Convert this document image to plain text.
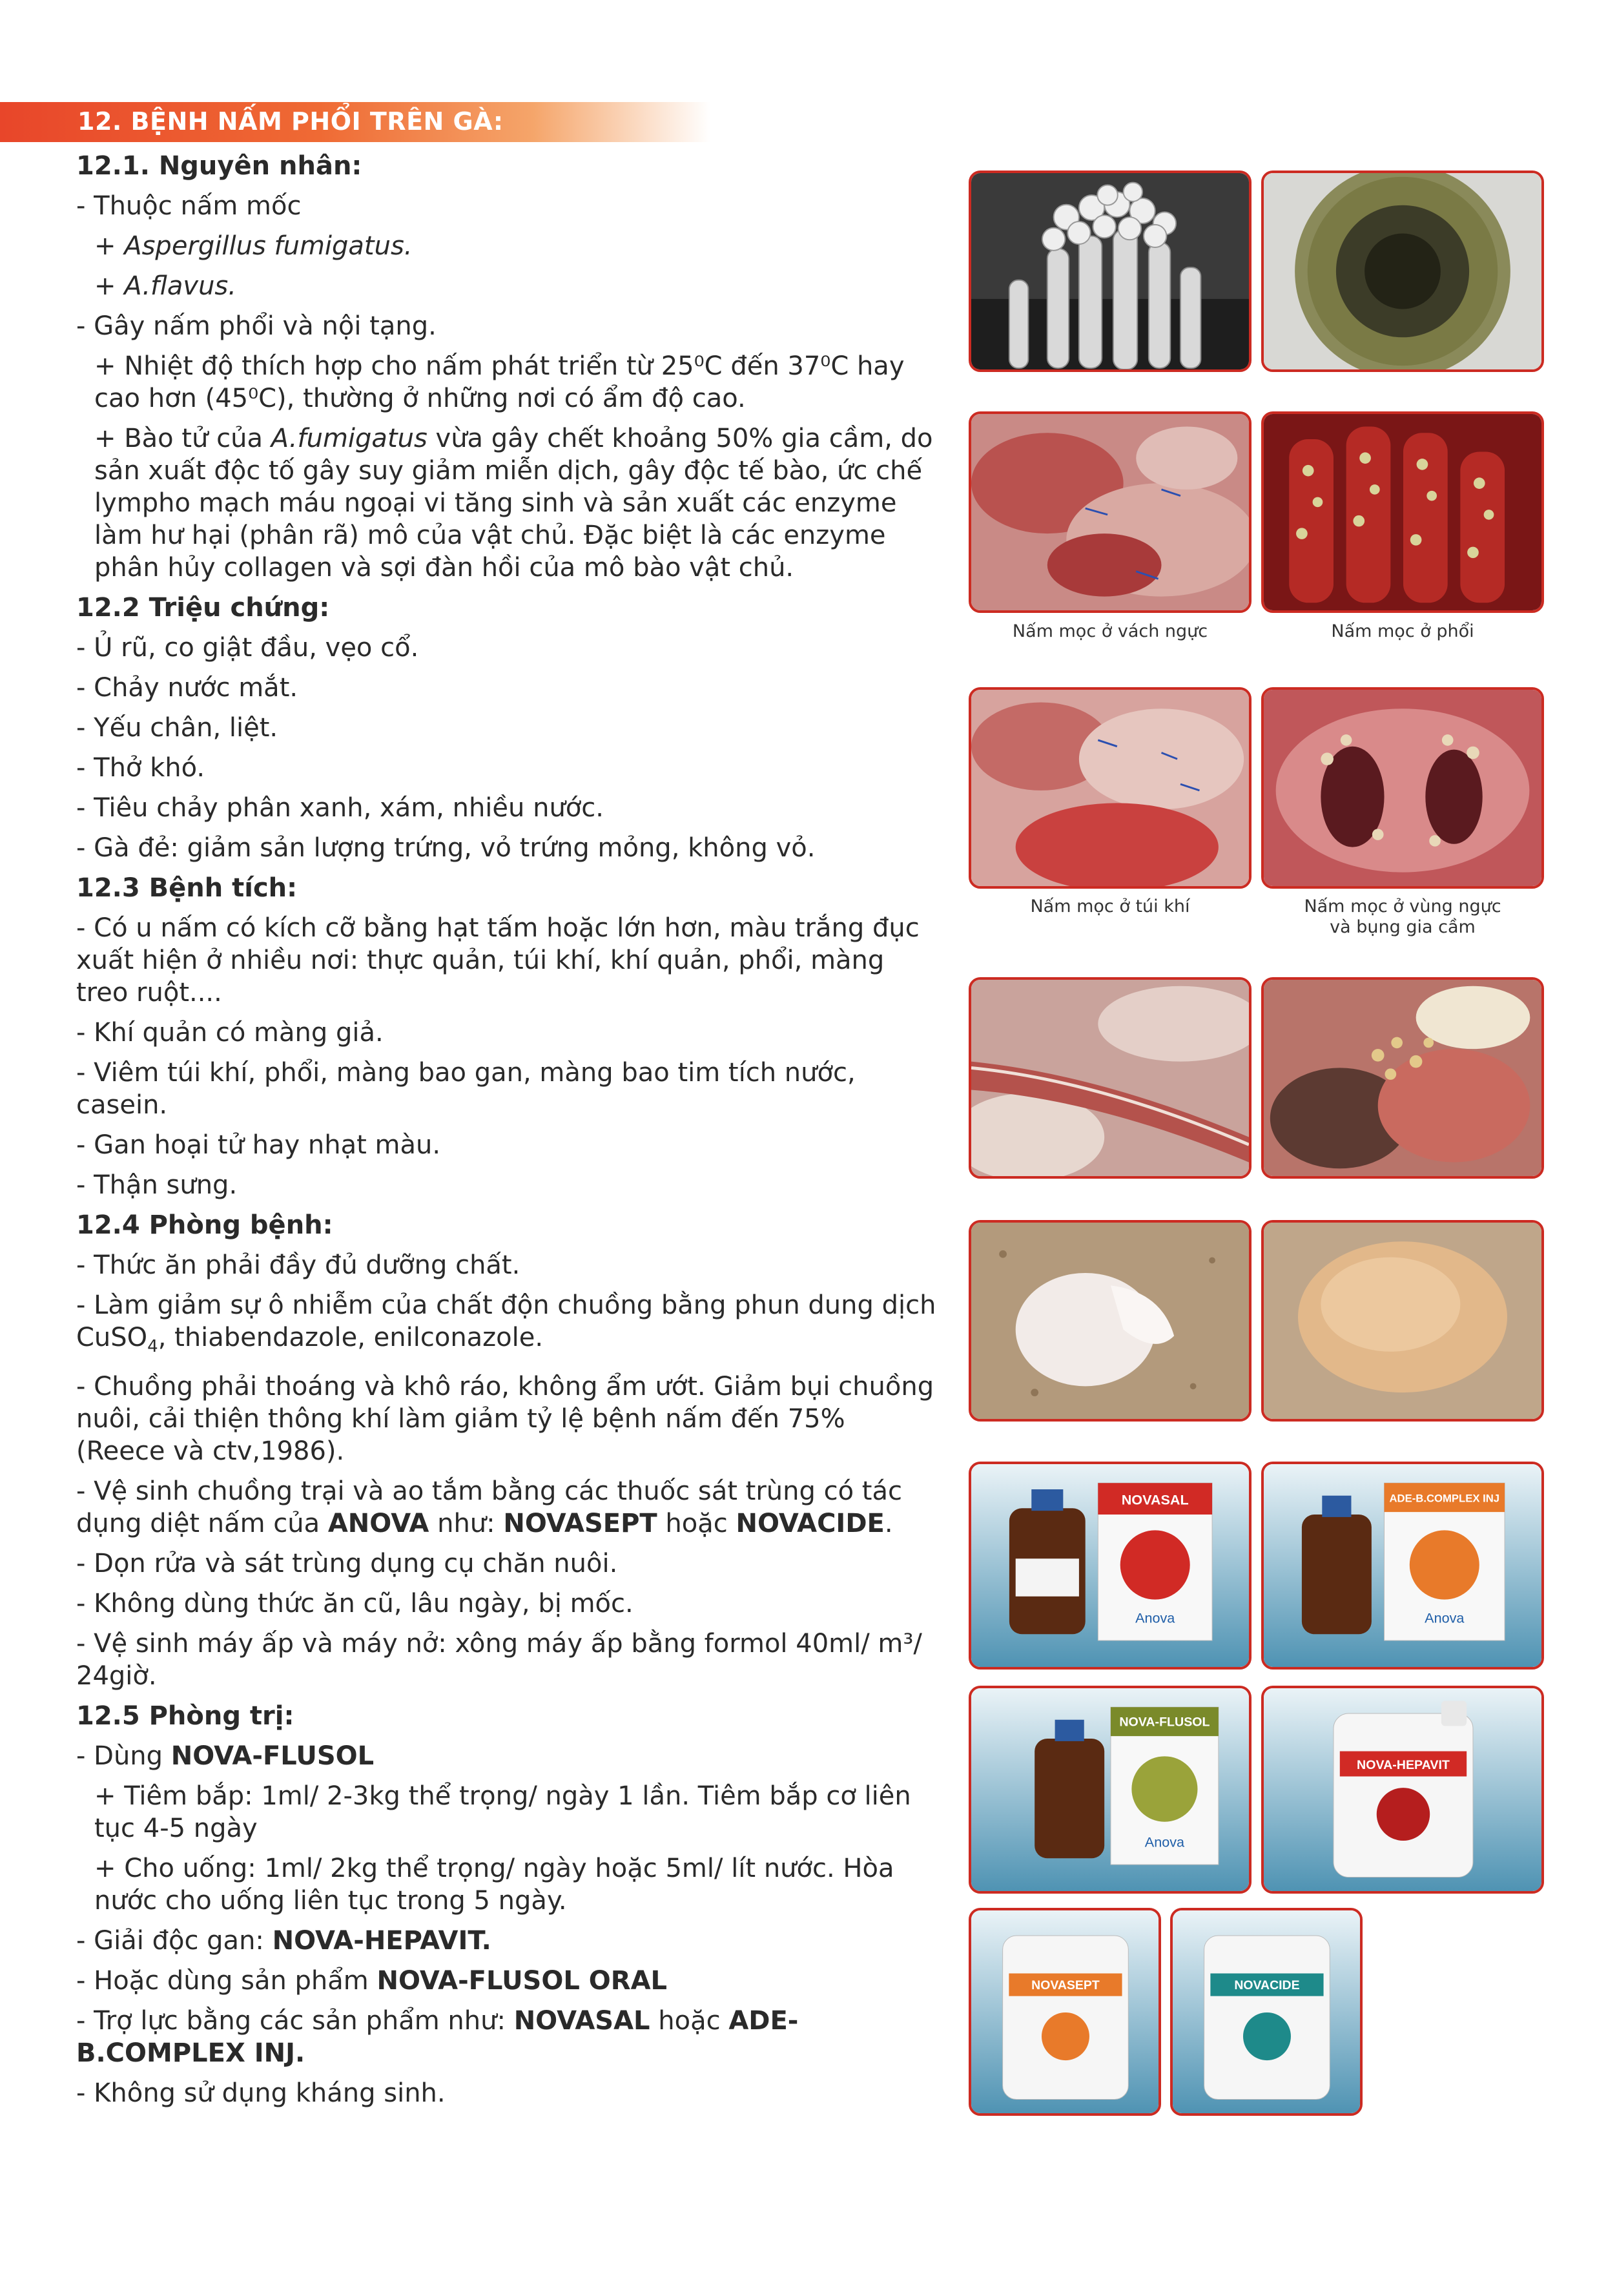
12. BỆNH NẤM PHỔI TRÊN GÀ:

12.1. Nguyên nhân:

- Thuộc nấm mốc

+ Aspergillus fumigatus.

+ A.flavus.

- Gây nấm phổi và nội tạng.

+ Nhiệt độ thích hợp cho nấm phát triển từ 25⁰C đến 37⁰C hay cao hơn (45⁰C), thường ở những nơi có ẩm độ cao.

+ Bào tử của A.fumigatus vừa gây chết khoảng 50% gia cầm, do sản xuất độc tố gây suy giảm miễn dịch, gây độc tế bào, ức chế lympho mạch máu ngoại vi tăng sinh và sản xuất các enzyme làm hư hại (phân rã) mô của vật chủ. Đặc biệt là các enzyme phân hủy collagen và sợi đàn hồi của mô bào vật chủ.

12.2 Triệu chứng:

- Ủ rũ, co giật đầu, vẹo cổ.

- Chảy nước mắt.

- Yếu chân, liệt.

- Thở khó.

- Tiêu chảy phân xanh, xám, nhiều nước.

- Gà đẻ: giảm sản lượng trứng, vỏ trứng mỏng, không vỏ.

12.3 Bệnh tích:

- Có u nấm có kích cỡ bằng hạt tấm hoặc lớn hơn, màu trắng đục xuất hiện ở nhiều nơi: thực quản, túi khí, khí quản, phổi, màng treo ruột....

- Khí quản có màng giả.

- Viêm túi khí, phổi, màng bao gan, màng bao tim tích nước, casein.

- Gan hoại tử hay nhạt màu.

- Thận sưng.

12.4 Phòng bệnh:

- Thức ăn phải đầy đủ dưỡng chất.

- Làm giảm sự ô nhiễm của chất độn chuồng bằng phun dung dịch CuSO$_4$, thiabendazole, enilconazole.

- Chuồng phải thoáng và khô ráo, không ẩm ướt. Giảm bụi chuồng nuôi, cải thiện thông khí làm giảm tỷ lệ bệnh nấm đến 75% (Reece và ctv,1986).

- Vệ sinh chuồng trại và ao tắm bằng các thuốc sát trùng có tác dụng diệt nấm của ANOVA như: NOVASEPT hoặc NOVACIDE.

- Dọn rửa và sát trùng dụng cụ chăn nuôi.

- Không dùng thức ăn cũ, lâu ngày, bị mốc.

- Vệ sinh máy ấp và máy nở: xông máy ấp bằng formol 40ml/ m³/ 24giờ.

12.5 Phòng trị:

- Dùng NOVA-FLUSOL

+ Tiêm bắp: 1ml/ 2-3kg thể trọng/ ngày 1 lần. Tiêm bắp cơ liên tục 4-5 ngày

+ Cho uống: 1ml/ 2kg thể trọng/ ngày hoặc 5ml/ lít nước. Hòa nước cho uống liên tục trong 5 ngày.

- Giải độc gan: NOVA-HEPAVIT.

- Hoặc dùng sản phẩm NOVA-FLUSOL ORAL

- Trợ lực bằng các sản phẩm như: NOVASAL hoặc ADE-B.COMPLEX INJ.

- Không sử dụng kháng sinh.

Nấm mọc ở vách ngực	Nấm mọc ở phổi
Nấm mọc ở túi khí	Nấm mọc ở vùng ngực
và bụng gia cầm
NOVASAL
Anova
ADE-B.COMPLEX INJ
Anova
NOVA-FLUSOL
Anova
NOVA-HEPAVIT
NOVASEPT	NOVACIDE
